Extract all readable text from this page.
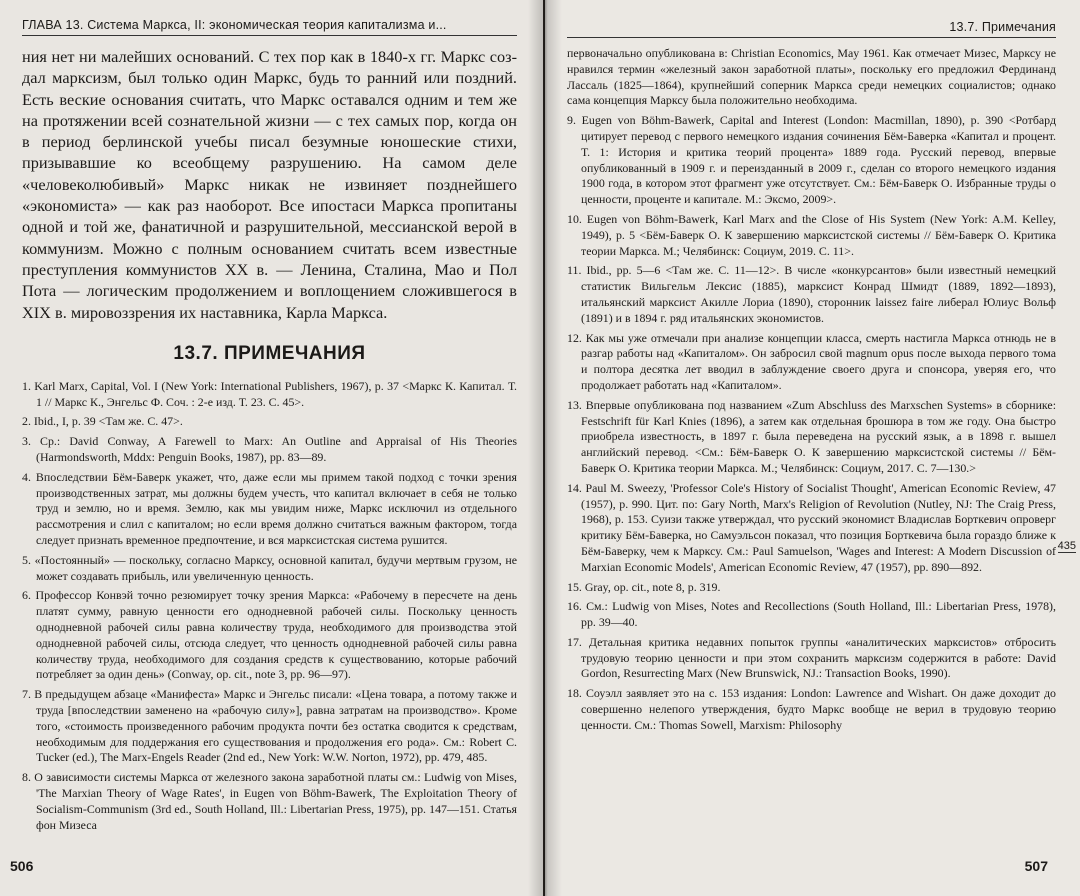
ГЛАВА 13. Система Маркса, II: экономическая теория капитализма и...

ния нет ни малейших оснований. С тех пор как в 1840-х гг. Маркс создал марксизм, был только один Маркс, будь то ранний или поздний. Есть веские основания считать, что Маркс оставался одним и тем же на протяжении всей сознательной жизни — с тех самых пор, когда он в период берлинской учебы писал безумные юношеские стихи, призывавшие ко всеобщему разрушению. На самом деле «человеколюбивый» Маркс никак не извиняет позднейшего «экономиста» — как раз наоборот. Все ипостаси Маркса пропитаны одной и той же, фанатичной и разрушительной, мессианской верой в коммунизм. Можно с полным основанием считать всем известные преступления коммунистов XX в. — Ленина, Сталина, Мао и Пол Пота — логическим продолжением и воплощением сложившегося в XIX в. мировоззрения их наставника, Карла Маркса.

13.7. ПРИМЕЧАНИЯ
1. Karl Marx, Capital, Vol. I (New York: International Publishers, 1967), p. 37 <Маркс К. Капитал. Т. 1 // Маркс К., Энгельс Ф. Соч. : 2-е изд. Т. 23. С. 45>.
2. Ibid., I, p. 39 <Там же. С. 47>.
3. Ср.: David Conway, A Farewell to Marx: An Outline and Appraisal of His Theories (Harmondsworth, Mddx: Penguin Books, 1987), pp. 83—89.
4. Впоследствии Бём-Баверк укажет, что, даже если мы примем такой подход с точки зрения производственных затрат, мы должны будем учесть, что капитал включает в себя не только труд и землю, но и время. Землю, как мы увидим ниже, Маркс исключил из отдельного рассмотрения и слил с капиталом; но если время должно считаться важным фактором, тогда следует признать временное предпочтение, и вся марксистская система рушится.
5. «Постоянный» — поскольку, согласно Марксу, основной капитал, будучи мертвым грузом, не может создавать прибыль, или увеличенную ценность.
6. Профессор Конвэй точно резюмирует точку зрения Маркса: «Рабочему в пересчете на день платят сумму, равную ценности его однодневной рабочей силы. Поскольку ценность однодневной рабочей силы равна количеству труда, необходимого для производства этой однодневной рабочей силы, отсюда следует, что ценность однодневной рабочей силы равна количеству труда, необходимого для создания средств к существованию, которые рабочий потребляет за один день» (Conway, op. cit., note 3, pp. 96—97).
7. В предыдущем абзаце «Манифеста» Маркс и Энгельс писали: «Цена товара, а потому также и труда [впоследствии заменено на «рабочую силу»], равна затратам на производство». Кроме того, «стоимость произведенного рабочим продукта почти без остатка сводится к средствам, необходимым для поддержания его существования и продолжения его рода». См.: Robert C. Tucker (ed.), The Marx-Engels Reader (2nd ed., New York: W.W. Norton, 1972), pp. 479, 485.
8. О зависимости системы Маркса от железного закона заработной платы см.: Ludwig von Mises, 'The Marxian Theory of Wage Rates', in Eugen von Böhm-Bawerk, The Exploitation Theory of Socialism-Communism (3rd ed., South Holland, Ill.: Libertarian Press, 1975), pp. 147—151. Статья фон Мизеса
506
13.7. Примечания
первоначально опубликована в: Christian Economics, May 1961. Как отмечает Мизес, Марксу не нравился термин «железный закон заработной платы», поскольку его предложил Фердинанд Лассаль (1825—1864), крупнейший соперник Маркса среди немецких социалистов; однако сама концепция Марксу была положительно необходима.
9. Eugen von Böhm-Bawerk, Capital and Interest (London: Macmillan, 1890), p. 390 <Ротбард цитирует перевод с первого немецкого издания сочинения Бём-Баверка «Капитал и процент. Т. 1: История и критика теорий процента» 1889 года. Русский перевод, впервые опубликованный в 1909 г. и переизданный в 2009 г., сделан со второго немецкого издания 1900 года, в котором этот фрагмент уже отсутствует. См.: Бём-Баверк О. Избранные труды о ценности, проценте и капитале. М.: Эксмо, 2009>.
10. Eugen von Böhm-Bawerk, Karl Marx and the Close of His System (New York: A.M. Kelley, 1949), p. 5 <Бём-Баверк О. К завершению марксистской системы // Бём-Баверк О. Критика теории Маркса. М.; Челябинск: Социум, 2019. С. 11>.
11. Ibid., pp. 5—6 <Там же. С. 11—12>. В числе «конкурсантов» были известный немецкий статистик Вильгельм Лексис (1885), марксист Конрад Шмидт (1889, 1892—1893), итальянский марксист Акилле Лориа (1890), сторонник laissez faire либерал Юлиус Вольф (1891) и в 1894 г. ряд итальянских экономистов.
12. Как мы уже отмечали при анализе концепции класса, смерть настигла Маркса отнюдь не в разгар работы над «Капиталом». Он забросил свой magnum opus после выхода первого тома и полтора десятка лет вводил в заблуждение своего друга и спонсора, уверяя его, что продолжает работать над «Капиталом».
13. Впервые опубликована под названием «Zum Abschluss des Marxschen Systems» в сборнике: Festschrift für Karl Knies (1896), а затем как отдельная брошюра в том же году. Она быстро приобрела известность, в 1897 г. была переведена на русский язык, а в 1898 г. вышел английский перевод. <См.: Бём-Баверк О. К завершению марксистской системы // Бём-Баверк О. Критика теории Маркса. М.; Челябинск: Социум, 2017. С. 7—130.>
14. Paul M. Sweezy, 'Professor Cole's History of Socialist Thought', American Economic Review, 47 (1957), p. 990. Цит. по: Gary North, Marx's Religion of Revolution (Nutley, NJ: The Craig Press, 1968), p. 153. Суизи также утверждал, что русский экономист Владислав Борткевич опроверг критику Бём-Баверка, но Самуэльсон показал, что позиция Борткевича была гораздо ближе к Бём-Баверку, чем к Марксу. См.: Paul Samuelson, 'Wages and Interest: A Modern Discussion of Marxian Economic Models', American Economic Review, 47 (1957), pp. 890—892.
15. Gray, op. cit., note 8, p. 319.
16. См.: Ludwig von Mises, Notes and Recollections (South Holland, Ill.: Libertarian Press, 1978), pp. 39—40.
17. Детальная критика недавних попыток группы «аналитических марксистов» отбросить трудовую теорию ценности и при этом сохранить марксизм содержится в работе: David Gordon, Resurrecting Marx (New Brunswick, NJ.: Transaction Books, 1990).
18. Соуэлл заявляет это на с. 153 издания: London: Lawrence and Wishart. Он даже доходит до совершенно нелепого утверждения, будто Маркс вообще не верил в трудовую теорию ценности. См.: Thomas Sowell, Marxism: Philosophy
435
507
